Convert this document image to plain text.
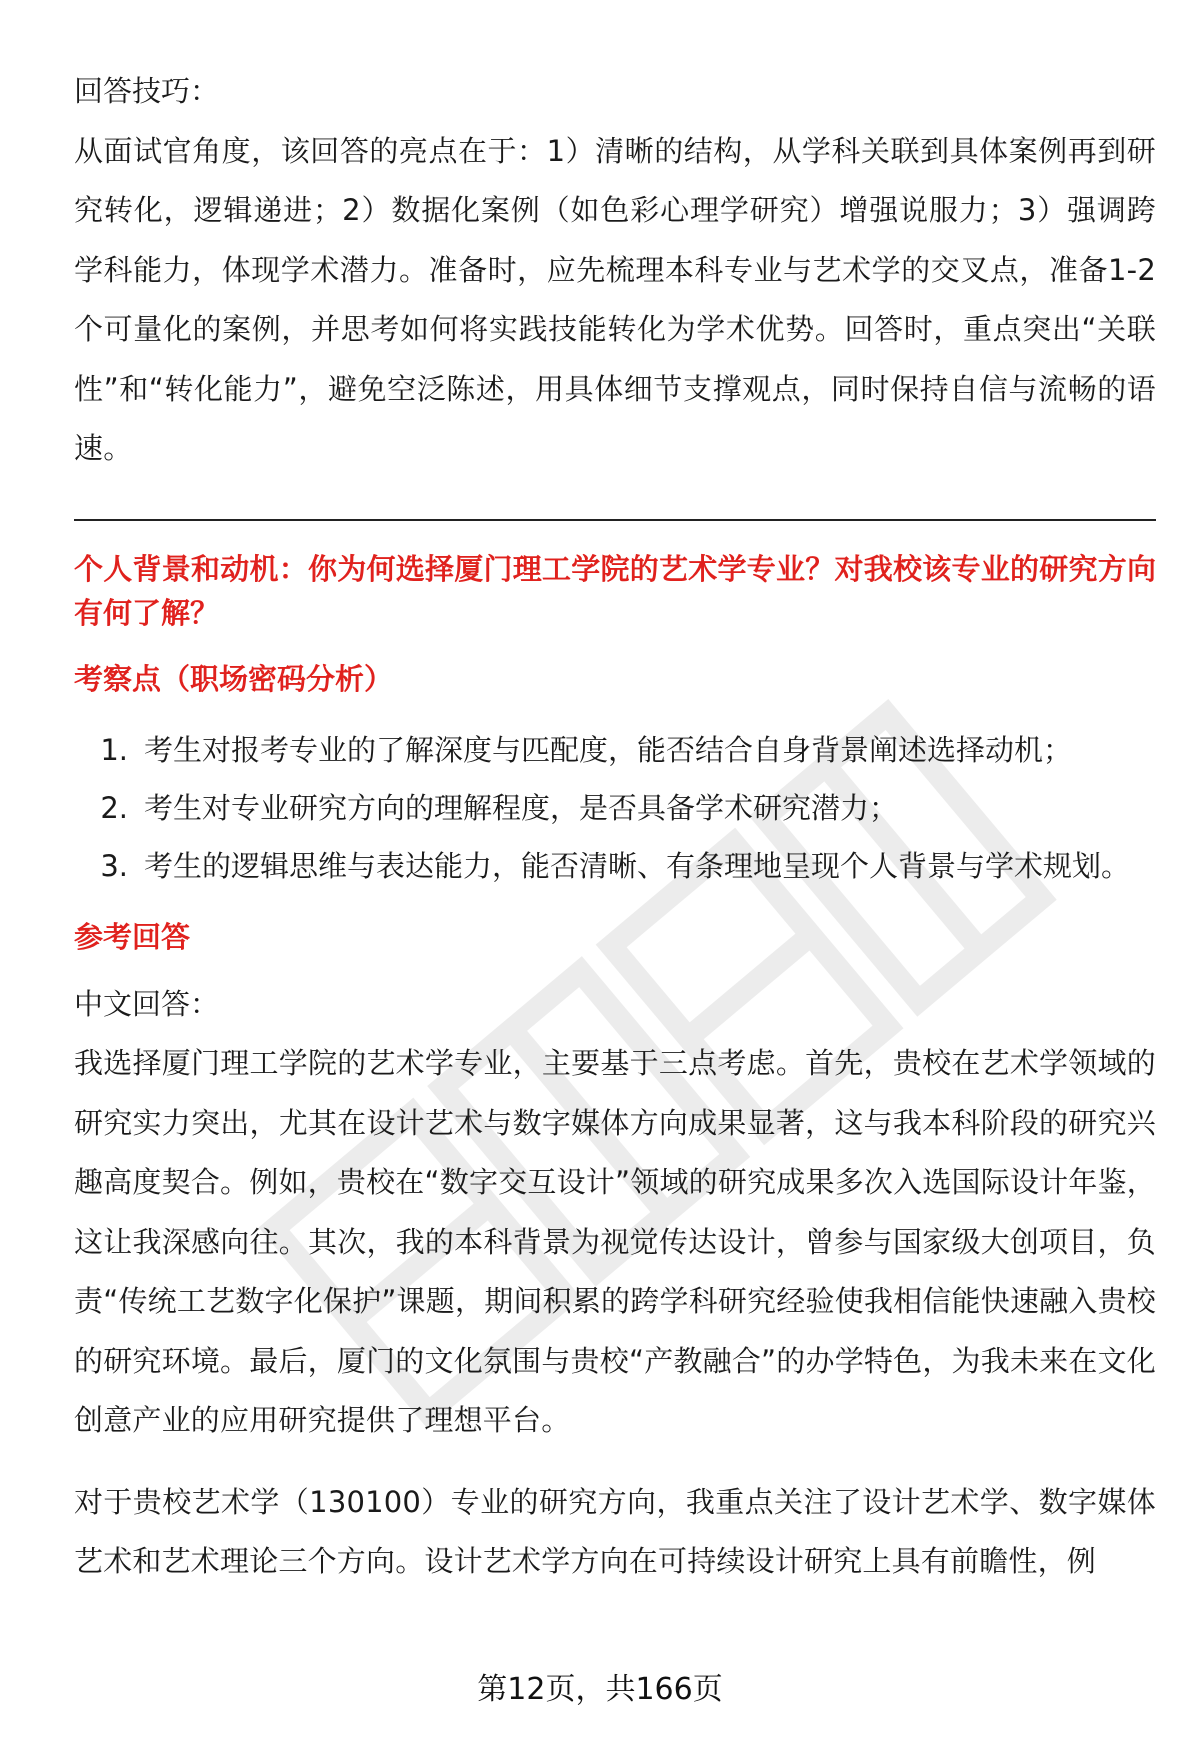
回答技巧：

从面试官角度，该回答的亮点在于：1）清晰的结构，从学科关联到具体案例再到研究转化，逻辑递进；2）数据化案例（如色彩心理学研究）增强说服力；3）强调跨学科能力，体现学术潜力。准备时，应先梳理本科专业与艺术学的交叉点，准备1-2个可量化的案例，并思考如何将实践技能转化为学术优势。回答时，重点突出“关联性”和“转化能力”，避免空泛陈述，用具体细节支撑观点，同时保持自信与流畅的语速。

个人背景和动机：你为何选择厦门理工学院的艺术学专业？对我校该专业的研究方向有何了解？

考察点（职场密码分析）

1. 考生对报考专业的了解深度与匹配度，能否结合自身背景阐述选择动机；
2. 考生对专业研究方向的理解程度，是否具备学术研究潜力；
3. 考生的逻辑思维与表达能力，能否清晰、有条理地呈现个人背景与学术规划。

参考回答

中文回答：

我选择厦门理工学院的艺术学专业，主要基于三点考虑。首先，贵校在艺术学领域的研究实力突出，尤其在设计艺术与数字媒体方向成果显著，这与我本科阶段的研究兴趣高度契合。例如，贵校在“数字交互设计”领域的研究成果多次入选国际设计年鉴，这让我深感向往。其次，我的本科背景为视觉传达设计，曾参与国家级大创项目，负责“传统工艺数字化保护”课题，期间积累的跨学科研究经验使我相信能快速融入贵校的研究环境。最后，厦门的文化氛围与贵校“产教融合”的办学特色，为我未来在文化创意产业的应用研究提供了理想平台。

对于贵校艺术学（130100）专业的研究方向，我重点关注了设计艺术学、数字媒体艺术和艺术理论三个方向。设计艺术学方向在可持续设计研究上具有前瞻性，例

第12页，共166页
